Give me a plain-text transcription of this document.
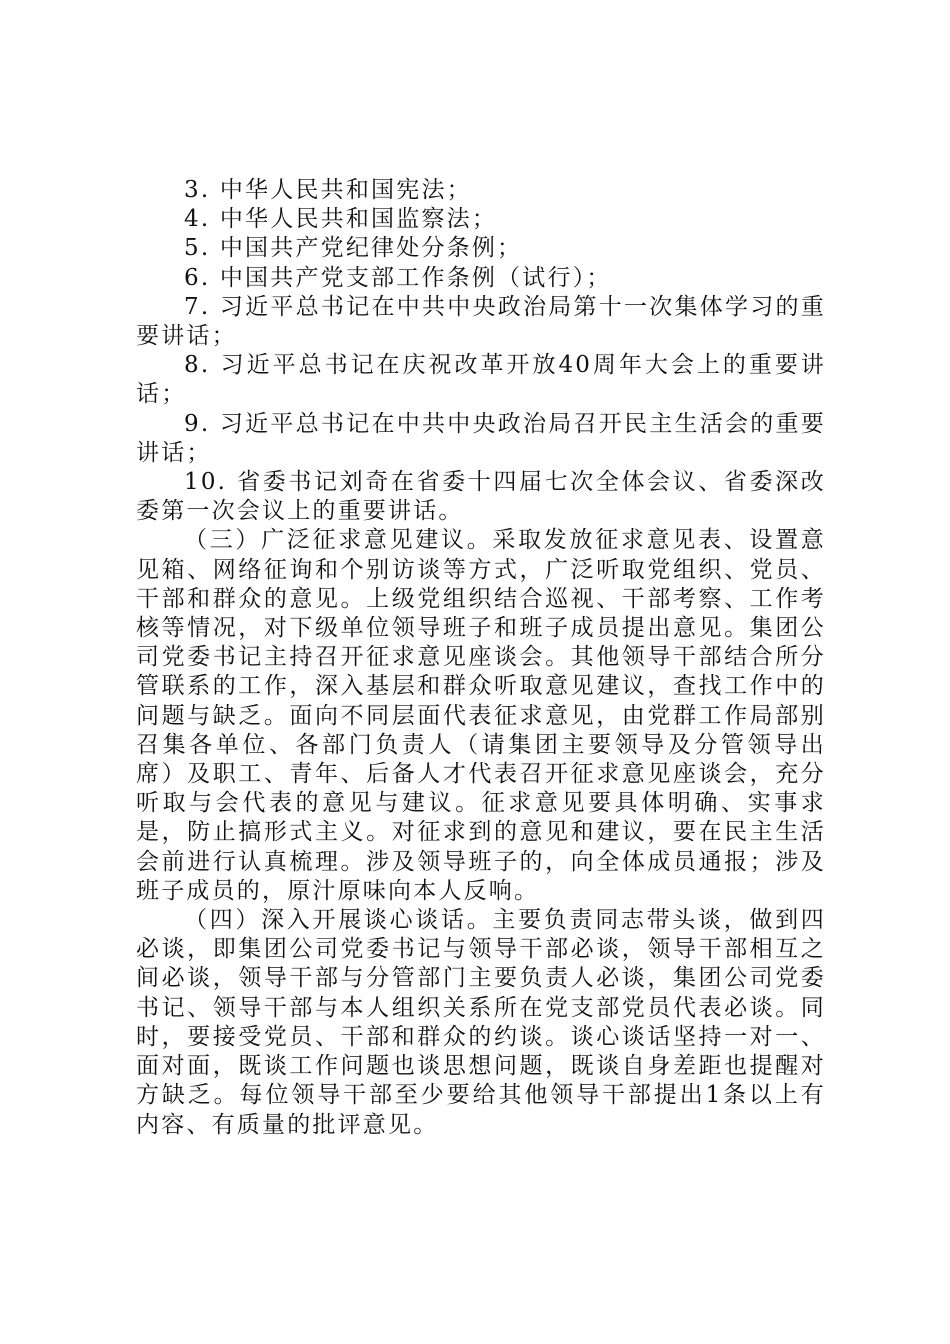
3. 中华人民共和国宪法；

4. 中华人民共和国监察法；

5. 中国共产党纪律处分条例；

6. 中国共产党支部工作条例（试行）；

7. 习近平总书记在中共中央政治局第十一次集体学习的重要讲话；

8. 习近平总书记在庆祝改革开放40周年大会上的重要讲话；

9. 习近平总书记在中共中央政治局召开民主生活会的重要讲话；

10. 省委书记刘奇在省委十四届七次全体会议、省委深改委第一次会议上的重要讲话。

（三）广泛征求意见建议。采取发放征求意见表、设置意见箱、网络征询和个别访谈等方式，广泛听取党组织、党员、干部和群众的意见。上级党组织结合巡视、干部考察、工作考核等情况，对下级单位领导班子和班子成员提出意见。集团公司党委书记主持召开征求意见座谈会。其他领导干部结合所分管联系的工作，深入基层和群众听取意见建议，查找工作中的问题与缺乏。面向不同层面代表征求意见，由党群工作局部别召集各单位、各部门负责人（请集团主要领导及分管领导出席）及职工、青年、后备人才代表召开征求意见座谈会，充分听取与会代表的意见与建议。征求意见要具体明确、实事求是，防止搞形式主义。对征求到的意见和建议，要在民主生活会前进行认真梳理。涉及领导班子的，向全体成员通报；涉及班子成员的，原汁原味向本人反响。

（四）深入开展谈心谈话。主要负责同志带头谈，做到四必谈，即集团公司党委书记与领导干部必谈，领导干部相互之间必谈，领导干部与分管部门主要负责人必谈，集团公司党委书记、领导干部与本人组织关系所在党支部党员代表必谈。同时，要接受党员、干部和群众的约谈。谈心谈话坚持一对一、面对面，既谈工作问题也谈思想问题，既谈自身差距也提醒对方缺乏。每位领导干部至少要给其他领导干部提出1条以上有内容、有质量的批评意见。
